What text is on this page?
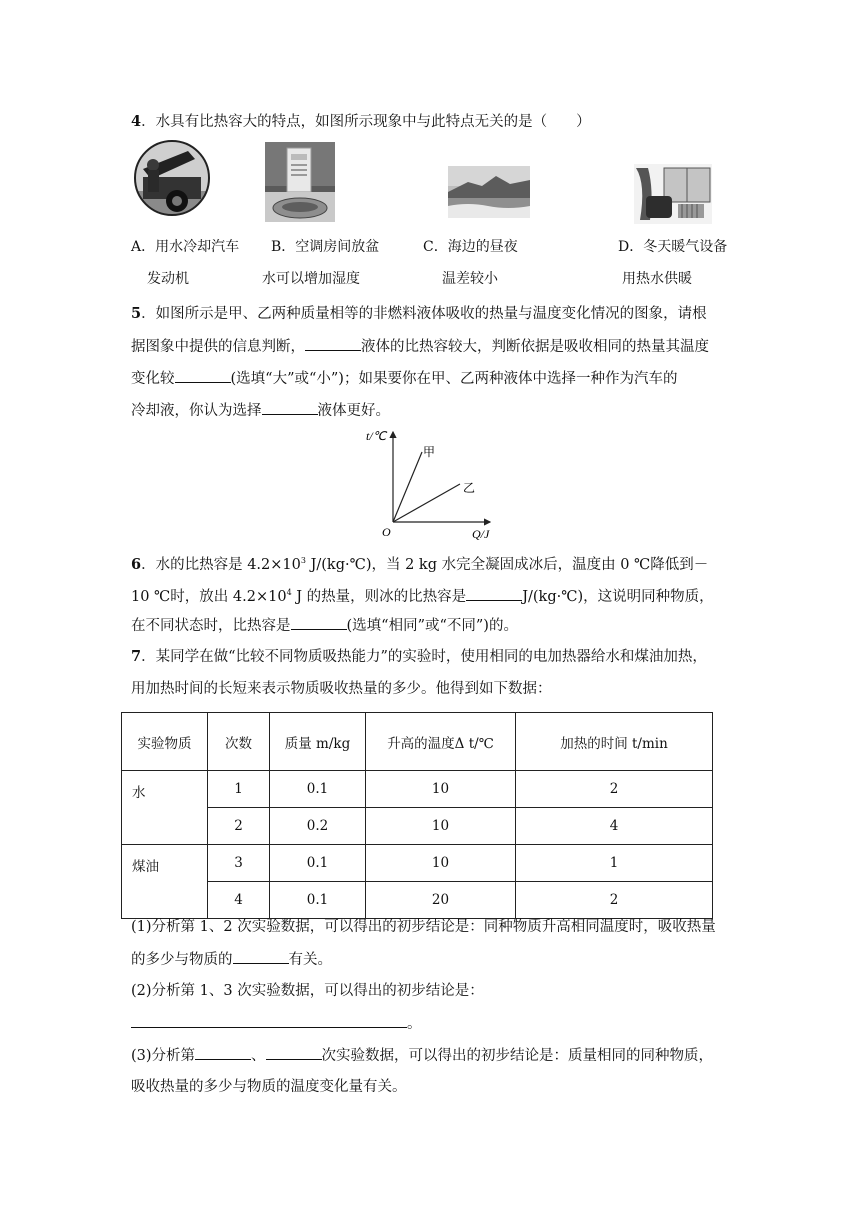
4．水具有比热容大的特点，如图所示现象中与此特点无关的是（　　）
A．用水冷却汽车
发动机
B．空调房间放盆
水可以增加湿度
C．海边的昼夜
温差较小
D．冬天暖气设备
用热水供暖
5．如图所示是甲、乙两种质量相等的非燃料液体吸收的热量与温度变化情况的图象，请根
据图象中提供的信息判断，	液体的比热容较大，判断依据是吸收相同的热量其温度
变化较	(选填“大”或“小”)；如果要你在甲、乙两种液体中选择一种作为汽车的
冷却液，你认为选择	液体更好。
t/℃
Q/J
O
甲
乙
6．水的比热容是 $4.2\times 10^3$ J/(kg·℃)，当 2 kg 水完全凝固成冰后，温度由 0 ℃降低到－
10 ℃时，放出 $4.2\times 10^4$ J 的热量，则冰的比热容是	J/(kg·℃)，这说明同种物质，
在不同状态时，比热容是	(选填“相同”或“不同”)的。
7．某同学在做“比较不同物质吸热能力”的实验时，使用相同的电加热器给水和煤油加热，
用加热时间的长短来表示物质吸收热量的多少。他得到如下数据：
实验物质	次数	质量 m/kg	升高的温度Δ t/℃	加热的时间 t/min
水	1	0.1	10	2
	2	0.2	10	4
煤油	3	0.1	10	1
	4	0.1	20	2
(1)分析第 1、2 次实验数据，可以得出的初步结论是：同种物质升高相同温度时，吸收热量
的多少与物质的	有关。
(2)分析第 1、3 次实验数据，可以得出的初步结论是：
。
(3)分析第	、	次实验数据，可以得出的初步结论是：质量相同的同种物质，
吸收热量的多少与物质的温度变化量有关。
